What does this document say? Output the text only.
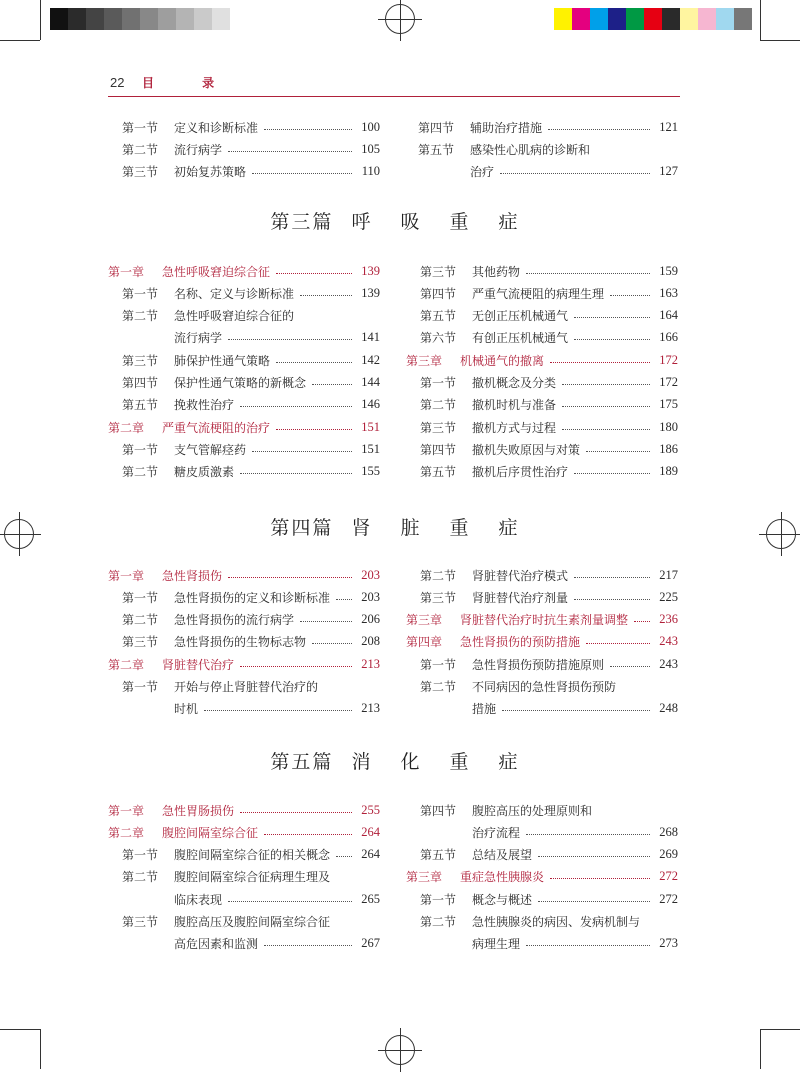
22 目 录
第三篇 呼 吸 重 症
第四篇 肾 脏 重 症
第五篇 消 化 重 症
第一节	定义和诊断标准	100
第二节	流行病学	105
第三节	初始复苏策略	110
第四节	辅助治疗措施	121
第五节	感染性心肌病的诊断和
治疗	127
第一章	急性呼吸窘迫综合征	139
第一节	名称、定义与诊断标准	139
第二节	急性呼吸窘迫综合征的
流行病学	141
第三节	肺保护性通气策略	142
第四节	保护性通气策略的新概念	144
第五节	挽救性治疗	146
第二章	严重气流梗阻的治疗	151
第一节	支气管解痉药	151
第二节	糖皮质激素	155
第三节	其他药物	159
第四节	严重气流梗阻的病理生理	163
第五节	无创正压机械通气	164
第六节	有创正压机械通气	166
第三章	机械通气的撤离	172
第一节	撤机概念及分类	172
第二节	撤机时机与准备	175
第三节	撤机方式与过程	180
第四节	撤机失败原因与对策	186
第五节	撤机后序贯性治疗	189
第一章	急性肾损伤	203
第一节	急性肾损伤的定义和诊断标准 203
第二节	急性肾损伤的流行病学	206
第三节	急性肾损伤的生物标志物	208
第二章	肾脏替代治疗	213
第一节	开始与停止肾脏替代治疗的
时机	213
第二节	肾脏替代治疗模式	217
第三节	肾脏替代治疗剂量	225
第三章	肾脏替代治疗时抗生素剂量调整 236
第四章	急性肾损伤的预防措施	243
第一节	急性肾损伤预防措施原则	243
第二节	不同病因的急性肾损伤预防
措施	248
第一章	急性胃肠损伤	255
第二章	腹腔间隔室综合征	264
第一节	腹腔间隔室综合征的相关概念 264
第二节	腹腔间隔室综合征病理生理及
临床表现	265
第三节	腹腔高压及腹腔间隔室综合征
高危因素和监测	267
第四节	腹腔高压的处理原则和
治疗流程	268
第五节	总结及展望	269
第三章	重症急性胰腺炎	272
第一节	概念与概述	272
第二节	急性胰腺炎的病因、发病机制与
病理生理	273
